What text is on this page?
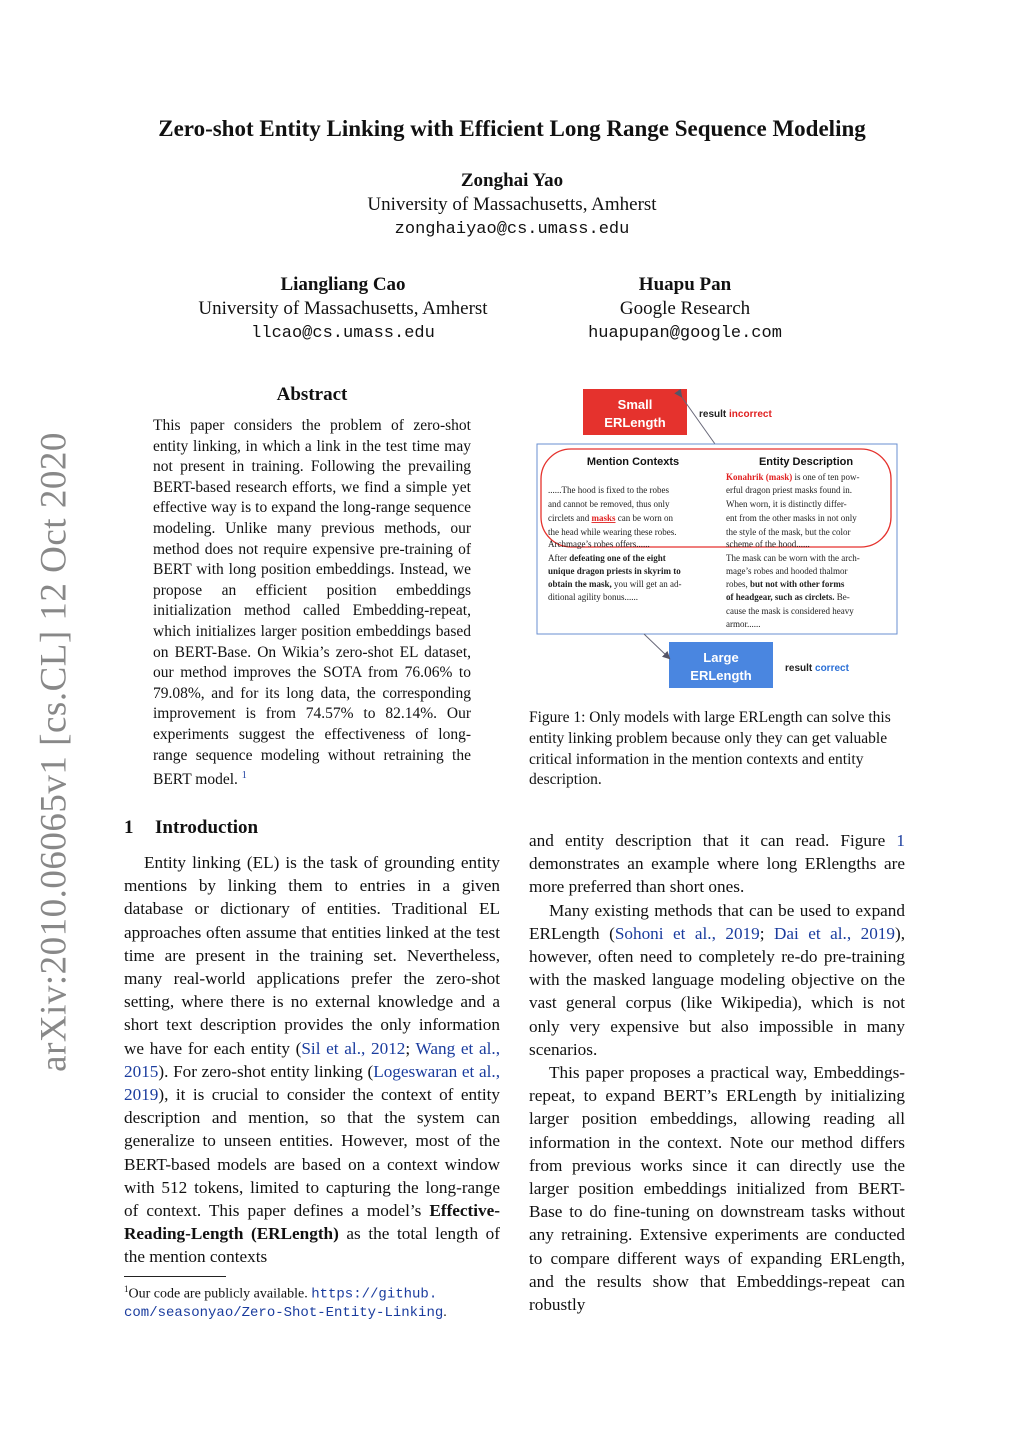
arXiv:2010.06065v1 [cs.CL] 12 Oct 2020
Zero-shot Entity Linking with Efficient Long Range Sequence Modeling
Zonghai Yao
University of Massachusetts, Amherst
zonghaiyao@cs.umass.edu
Liangliang Cao
University of Massachusetts, Amherst
llcao@cs.umass.edu
Huapu Pan
Google Research
huapupan@google.com
Abstract
This paper considers the problem of zero-shot entity linking, in which a link in the test time may not present in training. Following the prevailing BERT-based research efforts, we find a simple yet effective way is to expand the long-range sequence modeling. Unlike many previous methods, our method does not require expensive pre-training of BERT with long position embeddings. Instead, we propose an efficient position embeddings initialization method called Embedding-repeat, which initializes larger position embeddings based on BERT-Base. On Wikia’s zero-shot EL dataset, our method improves the SOTA from 76.06% to 79.08%, and for its long data, the corresponding improvement is from 74.57% to 82.14%. Our experiments suggest the effectiveness of long-range sequence modeling without retraining the BERT model. $^1$
1 Introduction

Entity linking (EL) is the task of grounding entity mentions by linking them to entries in a given database or dictionary of entities. Traditional EL approaches often assume that entities linked at the test time are present in the training set. Nevertheless, many real-world applications prefer the zero-shot setting, where there is no external knowledge and a short text description provides the only information we have for each entity (Sil et al., 2012; Wang et al., 2015). For zero-shot entity linking (Logeswaran et al., 2019), it is crucial to consider the context of entity description and mention, so that the system can generalize to unseen entities. However, most of the BERT-based models are based on a context window with 512 tokens, limited to capturing the long-range of context. This paper defines a model’s Effective-Reading-Length (ERLength) as the total length of the mention contexts

$^1$Our code are publicly available. https://github.
com/seasonyao/Zero-Shot-Entity-Linking.

and entity description that it can read. Figure 1 demonstrates an example where long ERlengths are more preferred than short ones.

Many existing methods that can be used to expand ERLength (Sohoni et al., 2019; Dai et al., 2019), however, often need to completely re-do pre-training with the masked language modeling objective on the vast general corpus (like Wikipedia), which is not only very expensive but also impossible in many scenarios.

This paper proposes a practical way, Embeddings-repeat, to expand BERT’s ERLength by initializing larger position embeddings, allowing reading all information in the context. Note our method differs from previous works since it can directly use the larger position embeddings initialized from BERT-Base to do fine-tuning on downstream tasks without any retraining. Extensive experiments are conducted to compare different ways of expanding ERLength, and the results show that Embeddings-repeat can robustly

Small
ERLength
result incorrect
Mention Contexts	Entity Description
......The hood is fixed to the robes
and cannot be removed, thus only
circlets and masks can be worn on
the head while wearing these robes.
Archmage’s robes offers......
After defeating one of the eight
unique dragon priests in skyrim to
obtain the mask, you will get an ad-
ditional agility bonus......
Konahrik (mask) is one of ten pow-
erful dragon priest masks found in.
When worn, it is distinctly differ-
ent from the other masks in not only
the style of the mask, but the color
scheme of the hood......
The mask can be worn with the arch-
mage’s robes and hooded thalmor
robes, but not with other forms
of headgear, such as circlets. Be-
cause the mask is considered heavy
armor......
Large
ERLength	result correct
Figure 1: Only models with large ERLength can solve this entity linking problem because only they can get valuable critical information in the mention contexts and entity description.
